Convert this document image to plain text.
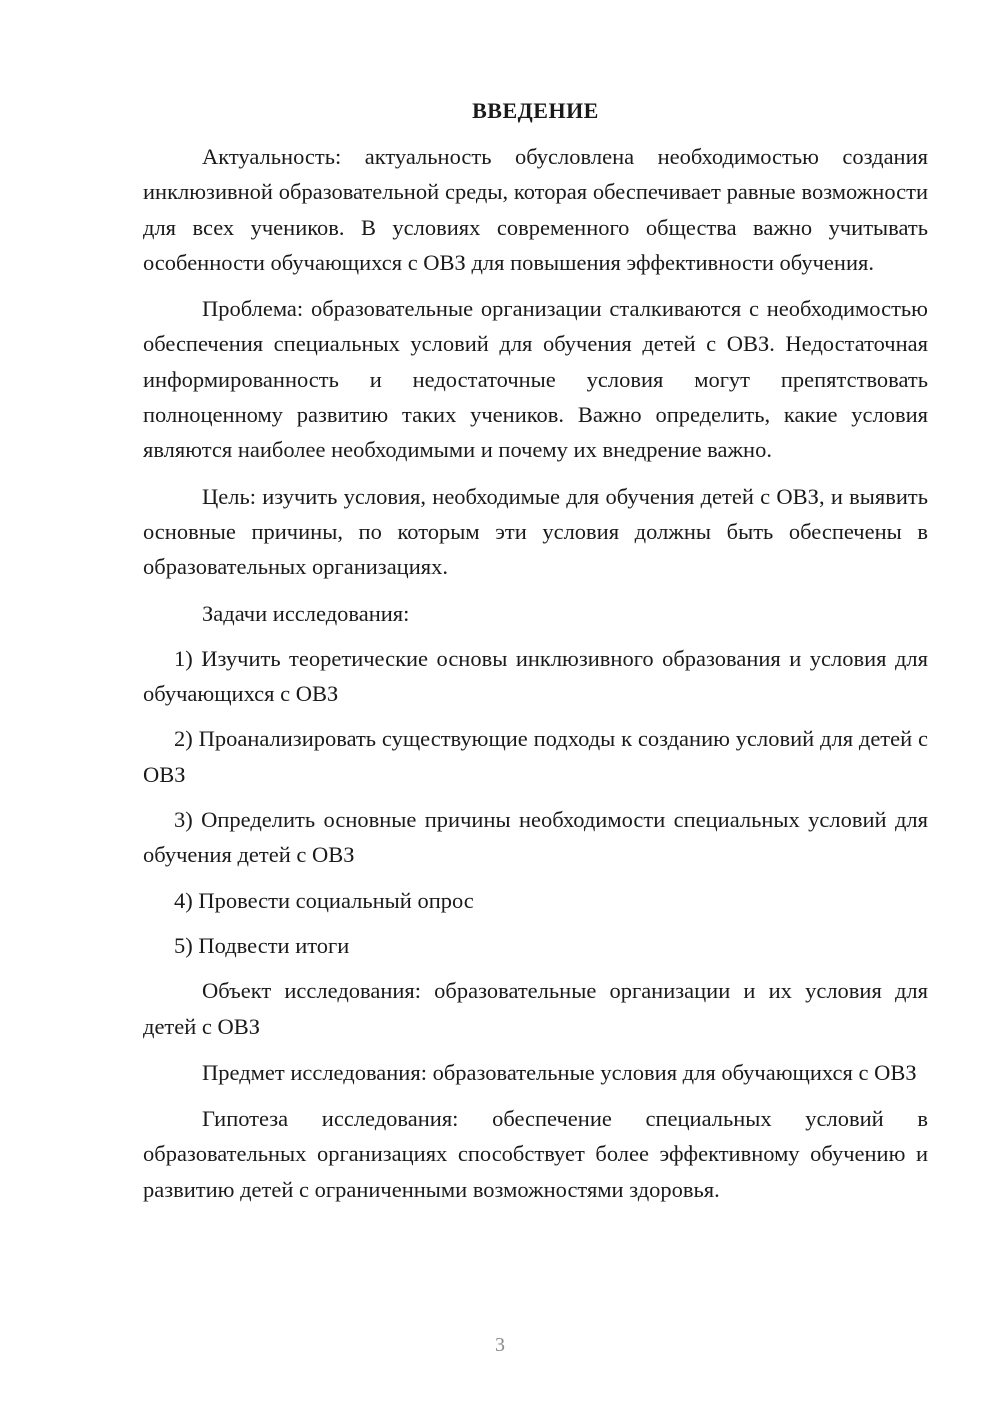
ВВЕДЕНИЕ

Актуальность: актуальность обусловлена необходимостью создания инклюзивной образовательной среды, которая обеспечивает равные возможности для всех учеников. В условиях современного общества важно учитывать особенности обучающихся с ОВЗ для повышения эффективности обучения.

Проблема: образовательные организации сталкиваются с необходимостью обеспечения специальных условий для обучения детей с ОВЗ. Недостаточная информированность и недостаточные условия могут препятствовать полноценному развитию таких учеников. Важно определить, какие условия являются наиболее необходимыми и почему их внедрение важно.

Цель: изучить условия, необходимые для обучения детей с ОВЗ, и выявить основные причины, по которым эти условия должны быть обеспечены в образовательных организациях.

Задачи исследования:

1) Изучить теоретические основы инклюзивного образования и условия для обучающихся с ОВЗ

2) Проанализировать существующие подходы к созданию условий для детей с ОВЗ

3) Определить основные причины необходимости специальных условий для обучения детей с ОВЗ

4) Провести социальный опрос

5) Подвести итоги

Объект исследования: образовательные организации и их условия для детей с ОВЗ

Предмет исследования: образовательные условия для обучающихся с ОВЗ

Гипотеза исследования: обеспечение специальных условий в образовательных организациях способствует более эффективному обучению и развитию детей с ограниченными возможностями здоровья.

3
